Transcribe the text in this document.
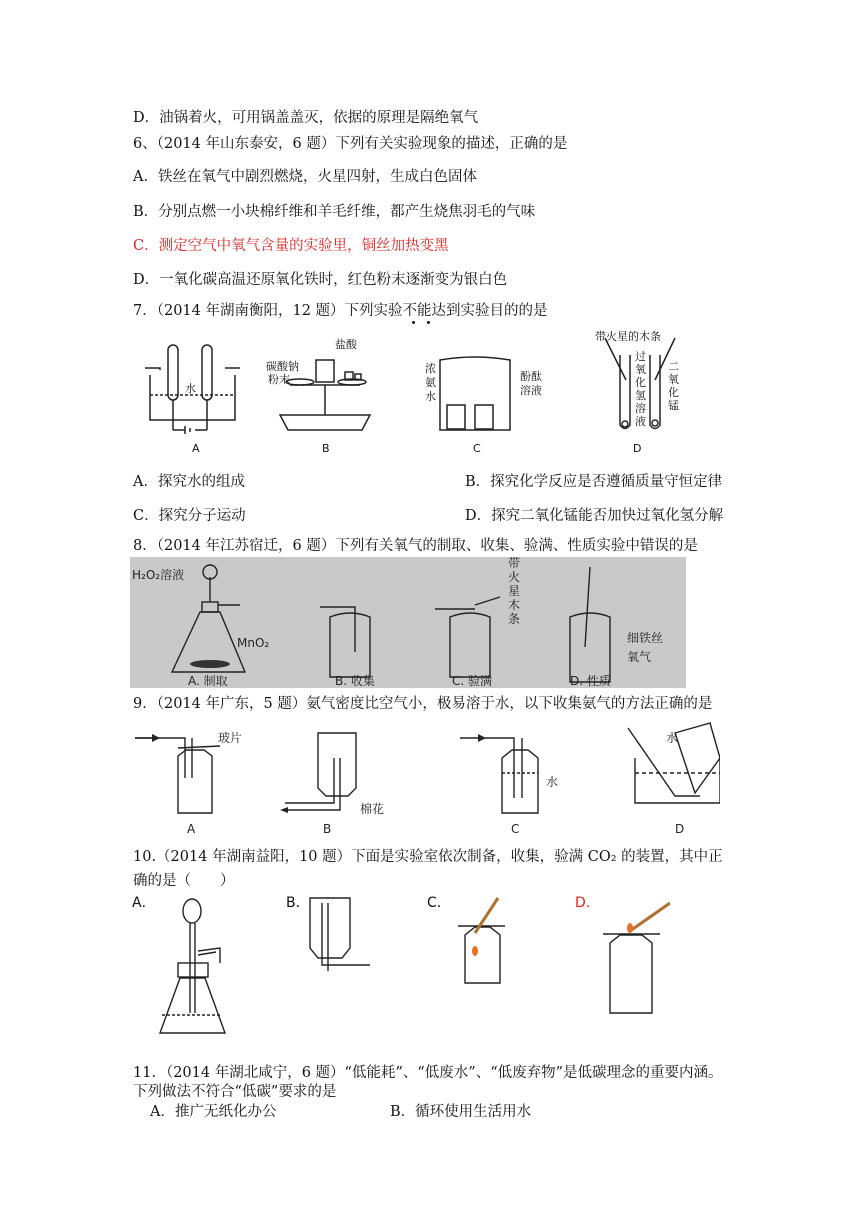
D．油锅着火，可用锅盖盖灭，依据的原理是隔绝氧气
6、（2014 年山东泰安，6 题）下列有关实验现象的描述，正确的是
A．铁丝在氧气中剧烈燃烧，火星四射，生成白色固体
B．分别点燃一小块棉纤维和羊毛纤维，都产生烧焦羽毛的气味
C．测定空气中氧气含量的实验里，铜丝加热变黑
D．一氧化碳高温还原氧化铁时，红色粉末逐渐变为银白色
7．（2014 年湖南衡阳，12 题）下列实验不能达到实验目的的是
A	B	C	D
水
碳酸钠
粉末
盐酸
浓
氨
水
酚酞
溶液
带火星的木条
过
氧
化
氢
溶
液
二
氧
化
锰
A．探究水的组成	B．探究化学反应是否遵循质量守恒定律
C．探究分子运动	D．探究二氧化锰能否加快过氧化氢分解
8．（2014 年江苏宿迁，6 题）下列有关氧气的制取、收集、验满、性质实验中错误的是
H₂O₂溶液
MnO₂
A. 制取	B. 收集	C. 验满	D. 性质
带
火
星
木
条
细铁丝
氧气
9．（2014 年广东，5 题）氨气密度比空气小，极易溶于水，以下收集氨气的方法正确的是
玻片
棉花
水
水
A	B	C	D
10.（2014 年湖南益阳，10 题）下面是实验室依次制备，收集，验满 CO₂ 的装置，其中正
确的是（　　）
A．	B．	C．	D．
11．（2014 年湖北咸宁，6 题）“低能耗”、“低废水”、“低废弃物”是低碳理念的重要内涵。
下列做法不符合“低碳”要求的是
A．推广无纸化办公	B．循环使用生活用水
